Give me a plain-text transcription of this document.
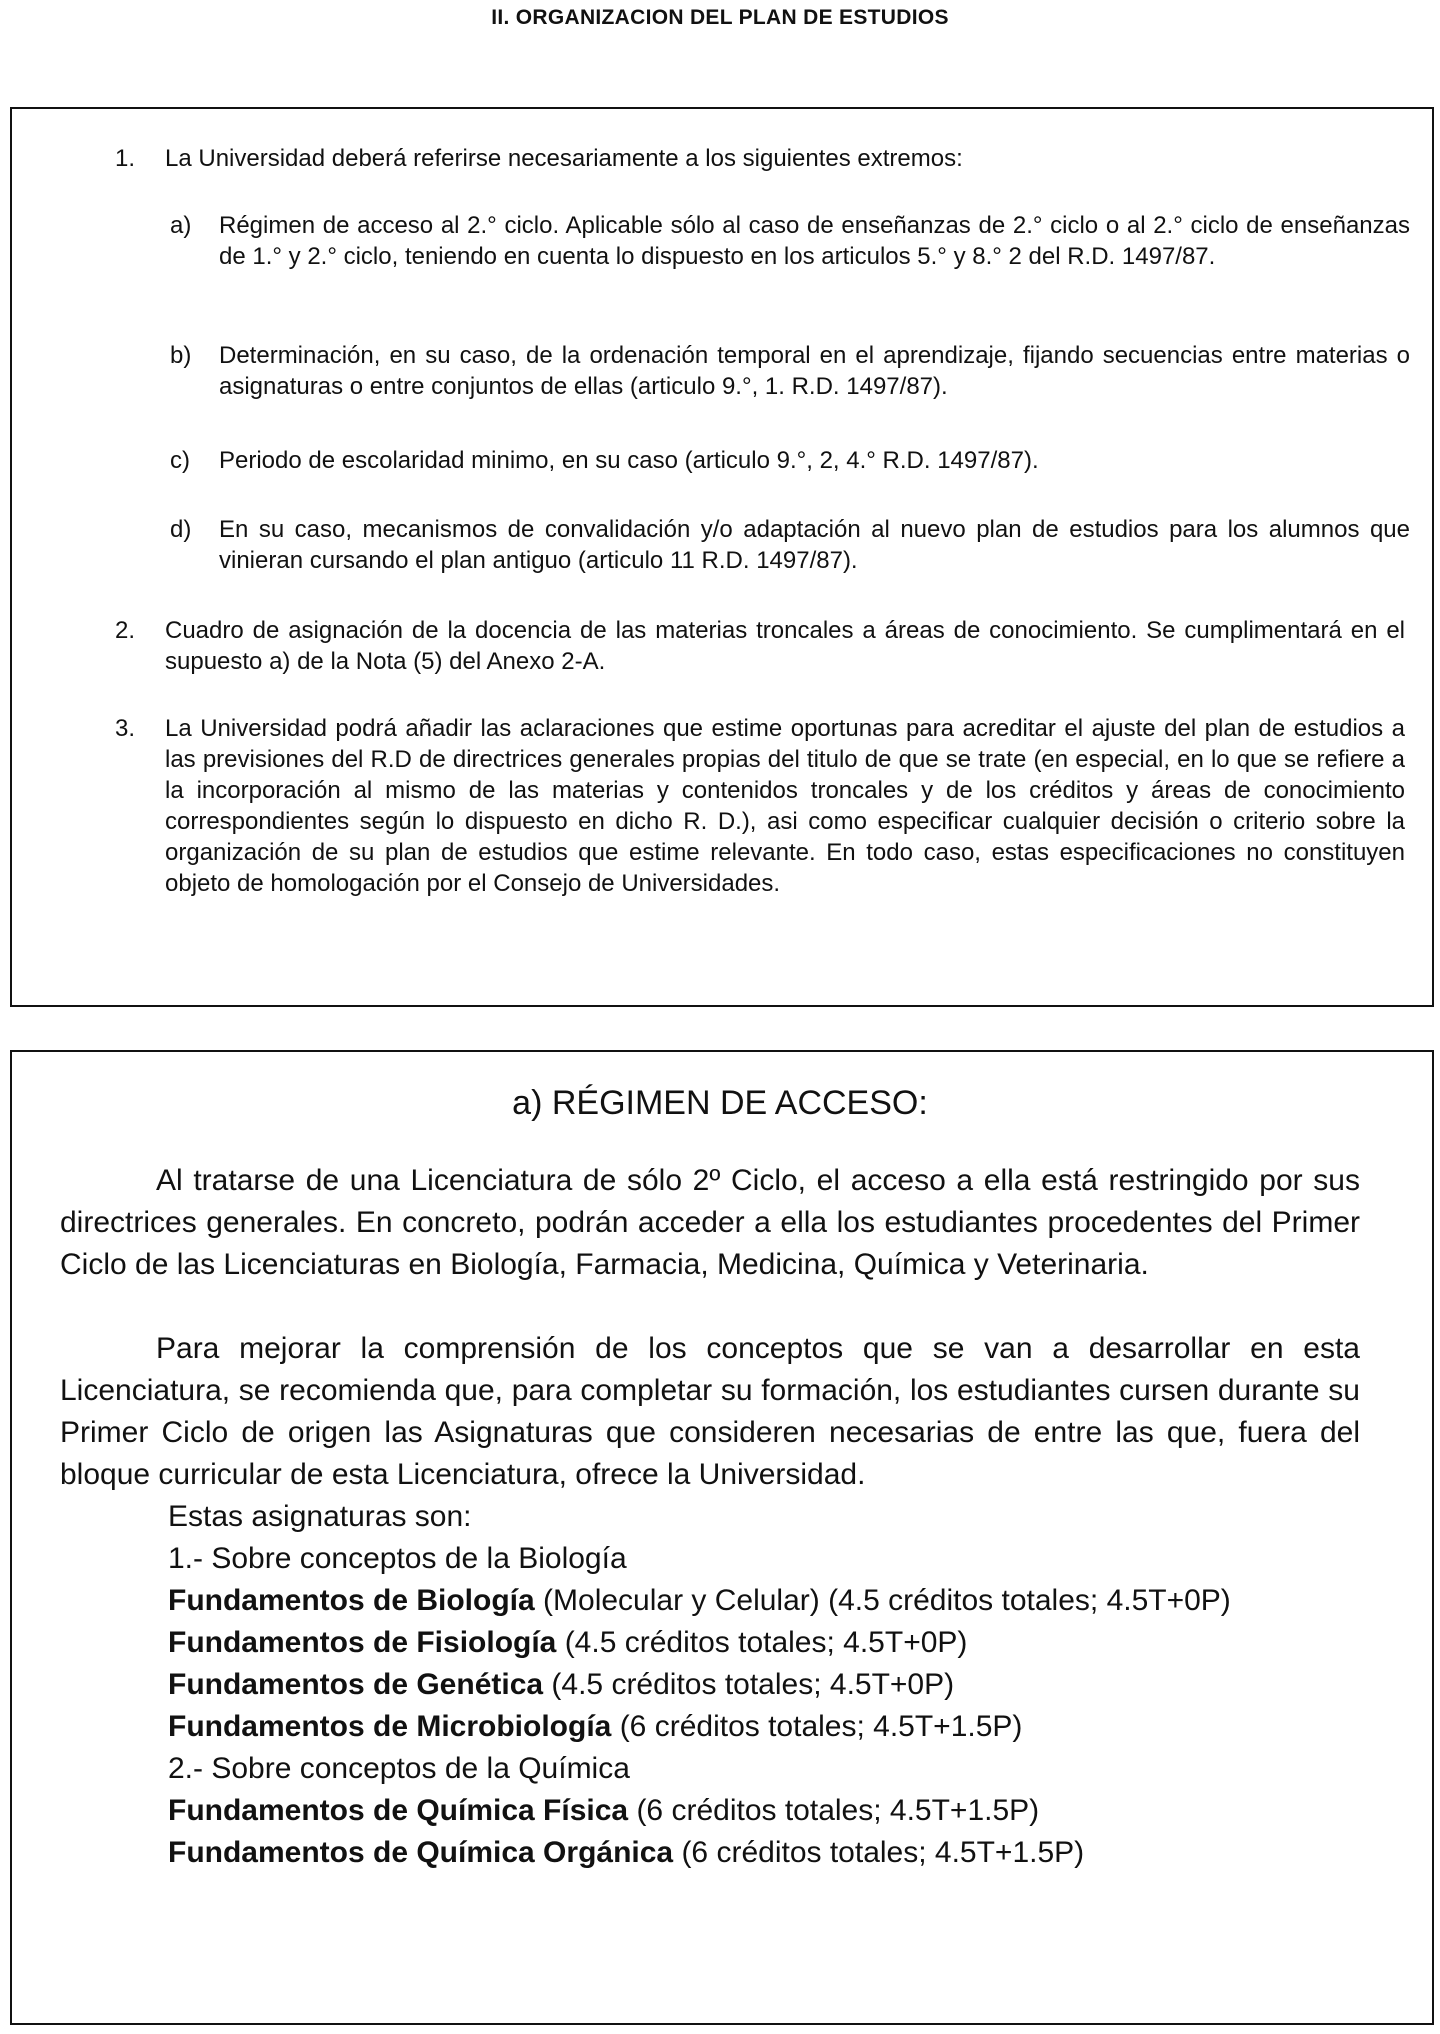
II. ORGANIZACION DEL PLAN DE ESTUDIOS
1.	La Universidad deberá referirse necesariamente a los siguientes extremos:
a)	Régimen de acceso al 2.° ciclo. Aplicable sólo al caso de enseñanzas de 2.° ciclo o al 2.° ciclo de enseñanzas de 1.° y 2.° ciclo, teniendo en cuenta lo dispuesto en los articulos 5.° y 8.° 2 del R.D. 1497/87.
b)	Determinación, en su caso, de la ordenación temporal en el aprendizaje, fijando secuencias entre materias o asignaturas o entre conjuntos de ellas (articulo 9.°, 1. R.D. 1497/87).
c)	Periodo de escolaridad minimo, en su caso (articulo 9.°, 2, 4.° R.D. 1497/87).
d)	En su caso, mecanismos de convalidación y/o adaptación al nuevo plan de estudios para los alumnos que vinieran cursando el plan antiguo (articulo 11 R.D. 1497/87).
2.	Cuadro de asignación de la docencia de las materias troncales a áreas de conocimiento. Se cumplimentará en el supuesto a) de la Nota (5) del Anexo 2-A.
3.	La Universidad podrá añadir las aclaraciones que estime oportunas para acreditar el ajuste del plan de estudios a las previsiones del R.D de directrices generales propias del titulo de que se trate (en especial, en lo que se refiere a la incorporación al mismo de las materias y contenidos troncales y de los créditos y áreas de conocimiento correspondientes según lo dispuesto en dicho R. D.), asi como especificar cualquier decisión o criterio sobre la organización de su plan de estudios que estime relevante. En todo caso, estas especificaciones no constituyen objeto de homologación por el Consejo de Universidades.
a) RÉGIMEN DE ACCESO:
Al tratarse de una Licenciatura de sólo 2º Ciclo, el acceso a ella está restringido por sus directrices generales. En concreto, podrán acceder a ella los estudiantes procedentes del Primer Ciclo de las Licenciaturas en Biología, Farmacia, Medicina, Química y Veterinaria.
Para mejorar la comprensión de los conceptos que se van a desarrollar en esta Licenciatura, se recomienda que, para completar su formación, los estudiantes cursen durante su Primer Ciclo de origen las Asignaturas que consideren necesarias de entre las que, fuera del bloque curricular de esta Licenciatura, ofrece la Universidad.
Estas asignaturas son:
1.- Sobre conceptos de la Biología
Fundamentos de Biología (Molecular y Celular) (4.5 créditos totales; 4.5T+0P)
Fundamentos de Fisiología (4.5 créditos totales; 4.5T+0P)
Fundamentos de Genética (4.5 créditos totales; 4.5T+0P)
Fundamentos de Microbiología (6 créditos totales; 4.5T+1.5P)
2.- Sobre conceptos de la Química
Fundamentos de Química Física (6 créditos totales; 4.5T+1.5P)
Fundamentos de Química Orgánica (6 créditos totales; 4.5T+1.5P)
